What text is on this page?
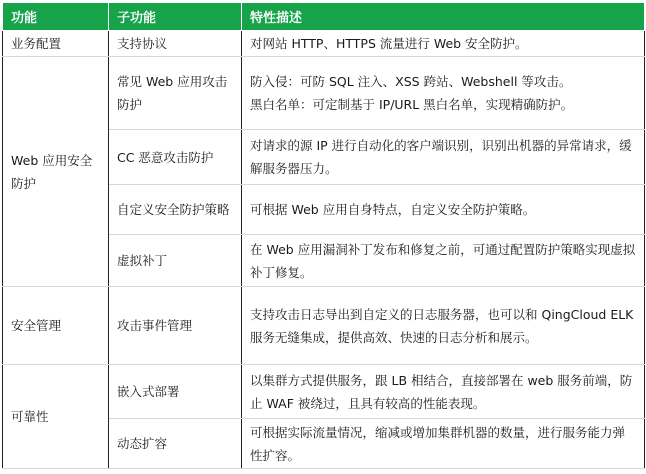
功能	子功能	特性描述
业务配置	支持协议	对网站 HTTP、HTTPS 流量进行 Web 安全防护。
Web 应用安全防护	常见 Web 应用攻击防护	防入侵：可防 SQL 注入、XSS 跨站、Webshell 等攻击。
黑白名单：可定制基于 IP/URL 黑白名单，实现精确防护。

	CC 恶意攻击防护	对请求的源 IP 进行自动化的客户端识别，识别出机器的异常请求，缓解服务器压力。
	自定义安全防护策略	可根据 Web 应用自身特点，自定义安全防护策略。
	虚拟补丁	在 Web 应用漏洞补丁发布和修复之前，可通过配置防护策略实现虚拟补丁修复。
安全管理	攻击事件管理	支持攻击日志导出到自定义的日志服务器，也可以和 QingCloud ELK 服务无缝集成，提供高效、快速的日志分析和展示。
可靠性	嵌入式部署	以集群方式提供服务，跟 LB 相结合，直接部署在 web 服务前端，防止 WAF 被绕过，且具有较高的性能表现。
	动态扩容	可根据实际流量情况，缩减或增加集群机器的数量，进行服务能力弹性扩容。
